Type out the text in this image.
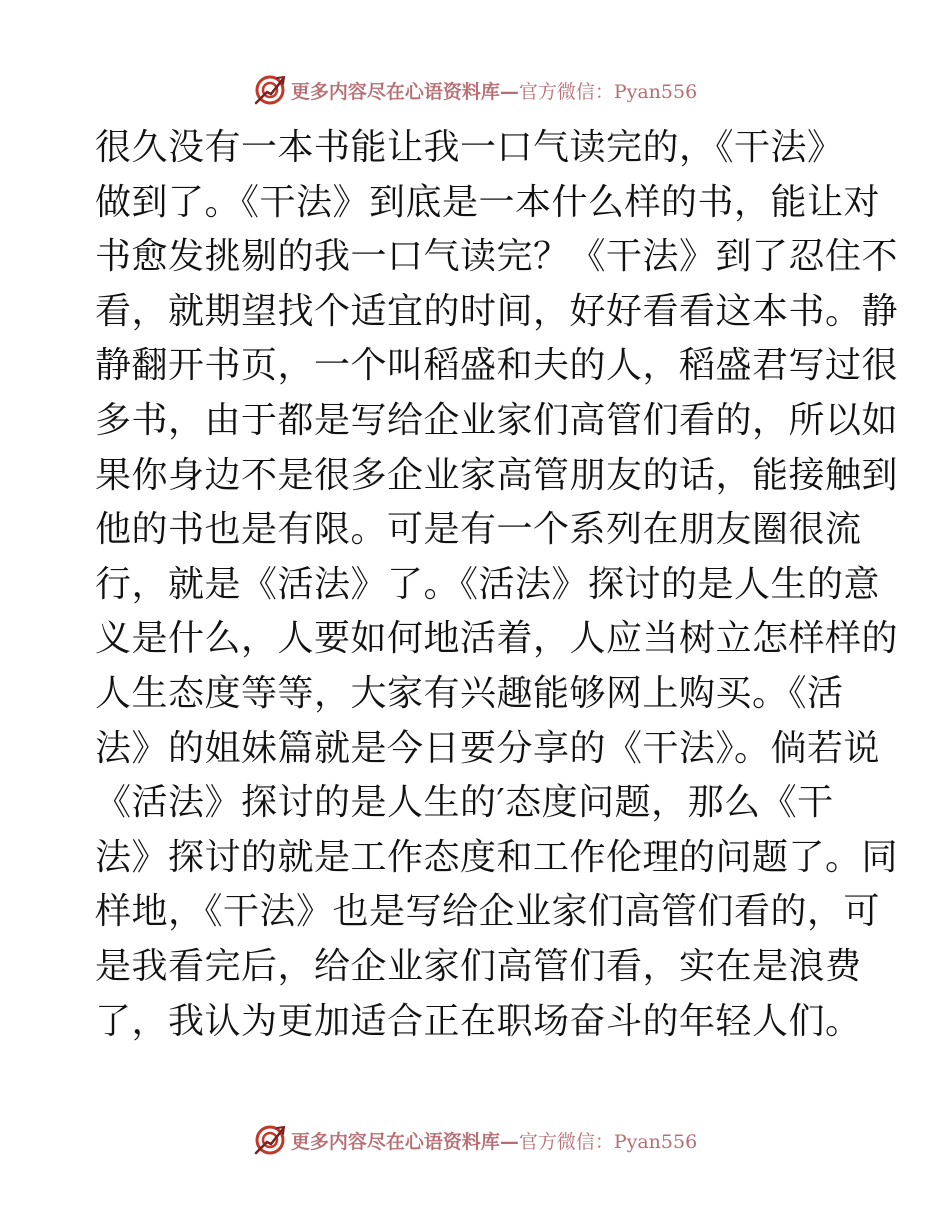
更多内容尽在心语资料库—官方微信：Pyan556
很久没有一本书能让我一口气读完的，《干法》
做到了。《干法》到底是一本什么样的书，能让对
书愈发挑剔的我一口气读完？《干法》到了忍住不
看，就期望找个适宜的时间，好好看看这本书。静
静翻开书页，一个叫稻盛和夫的人，稻盛君写过很
多书，由于都是写给企业家们高管们看的，所以如
果你身边不是很多企业家高管朋友的话，能接触到
他的书也是有限。可是有一个系列在朋友圈很流
行，就是《活法》了。《活法》探讨的是人生的意
义是什么，人要如何地活着，人应当树立怎样样的
人生态度等等，大家有兴趣能够网上购买。《活
法》的姐妹篇就是今日要分享的《干法》。倘若说
《活法》探讨的是人生的′态度问题，那么《干
法》探讨的就是工作态度和工作伦理的问题了。同
样地，《干法》也是写给企业家们高管们看的，可
是我看完后，给企业家们高管们看，实在是浪费
了，我认为更加适合正在职场奋斗的年轻人们。
更多内容尽在心语资料库—官方微信：Pyan556
